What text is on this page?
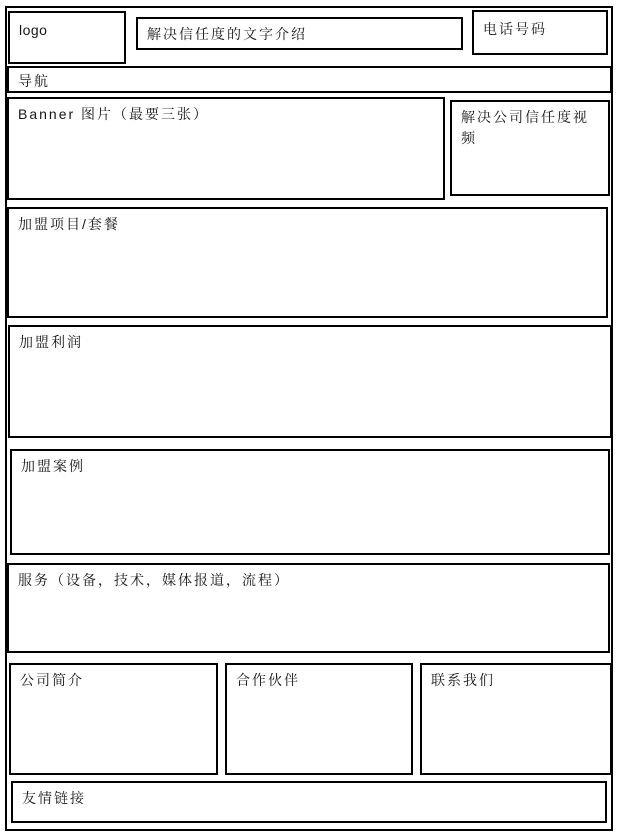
logo	解决信任度的文字介绍	电话号码
导航
Banner 图片（最要三张）	解决公司信任度视频
加盟项目/套餐
加盟利润
加盟案例
服务（设备，技术，媒体报道，流程）
公司简介	合作伙伴	联系我们
友情链接
